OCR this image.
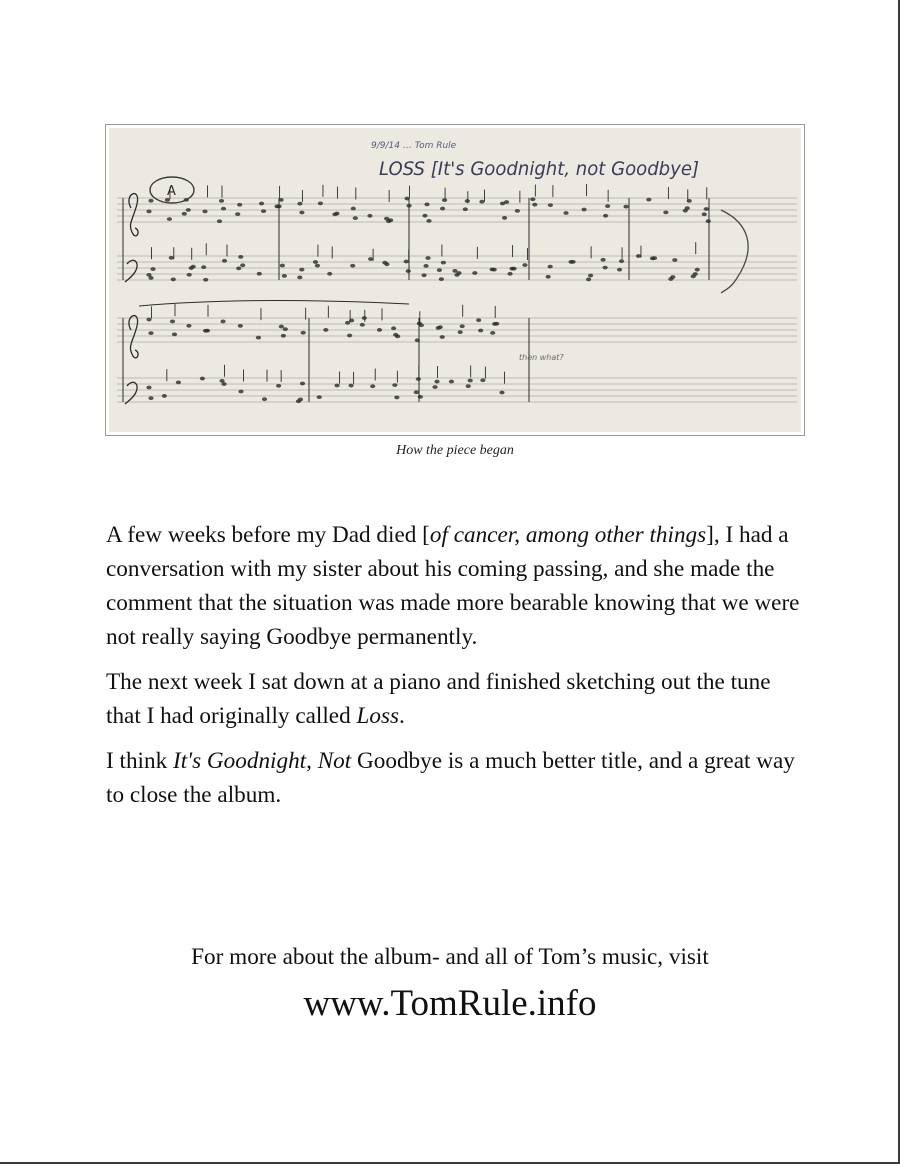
9/9/14 … Tom Rule
LOSS [It's Goodnight, not Goodbye]
A
then what?
How the piece began

A few weeks before my Dad died [of cancer, among other things], I had a conversation with my sister about his coming passing, and she made the comment that the situation was made more bearable knowing that we were not really saying Goodbye permanently.

The next week I sat down at a piano and finished sketching out the tune that I had originally called Loss.

I think It's Goodnight, Not Goodbye is a much better title, and a great way to close the album.

For more about the album- and all of Tom’s music, visit
www.TomRule.info
